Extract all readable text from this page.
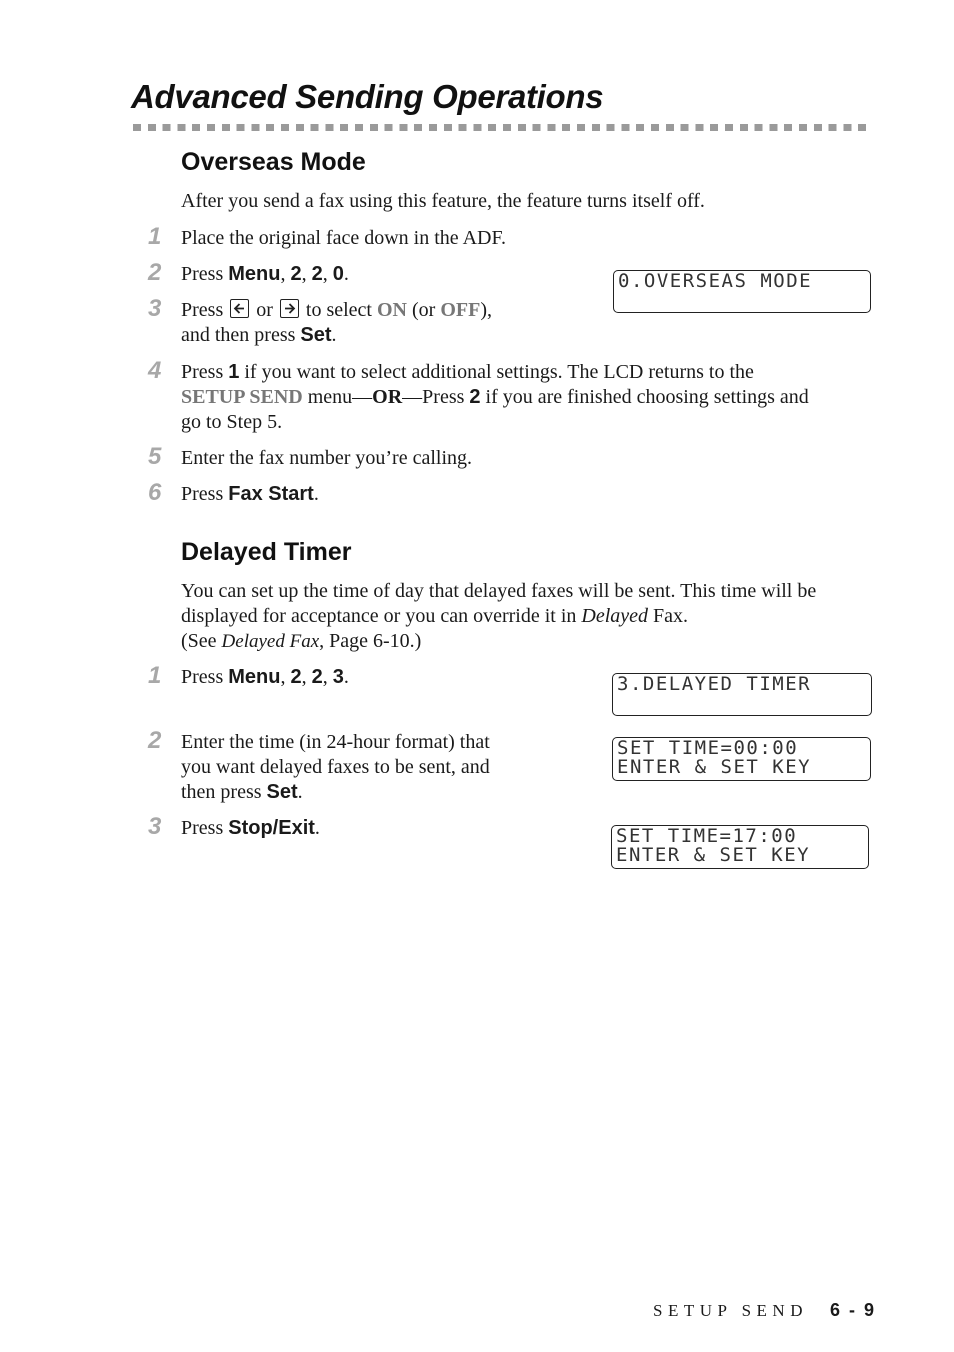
Advanced Sending Operations
Overseas Mode
After you send a fax using this feature, the feature turns itself off.
1 Place the original face down in the ADF.
2 Press Menu, 2, 2, 0.
3 Press
or
to select ON (or OFF),
and then press Set.
0.OVERSEAS MODE
4 Press 1 if you want to select additional settings. The LCD returns to the
SETUP SEND menu—OR—Press 2 if you are finished choosing settings and
go to Step 5.
5 Enter the fax number you’re calling.
6 Press Fax Start.
Delayed Timer
You can set up the time of day that delayed faxes will be sent. This time will be
displayed for acceptance or you can override it in Delayed Fax.
(See Delayed Fax, Page 6-10.)
1 Press Menu, 2, 2, 3.	3.DELAYED TIMER
2 Enter the time (in 24-hour format) that
you want delayed faxes to be sent, and
then press Set.
SET TIME=00:00
ENTER & SET KEY
3 Press Stop/Exit.	SET TIME=17:00
ENTER & SET KEY
SETUP SEND 6 - 9
